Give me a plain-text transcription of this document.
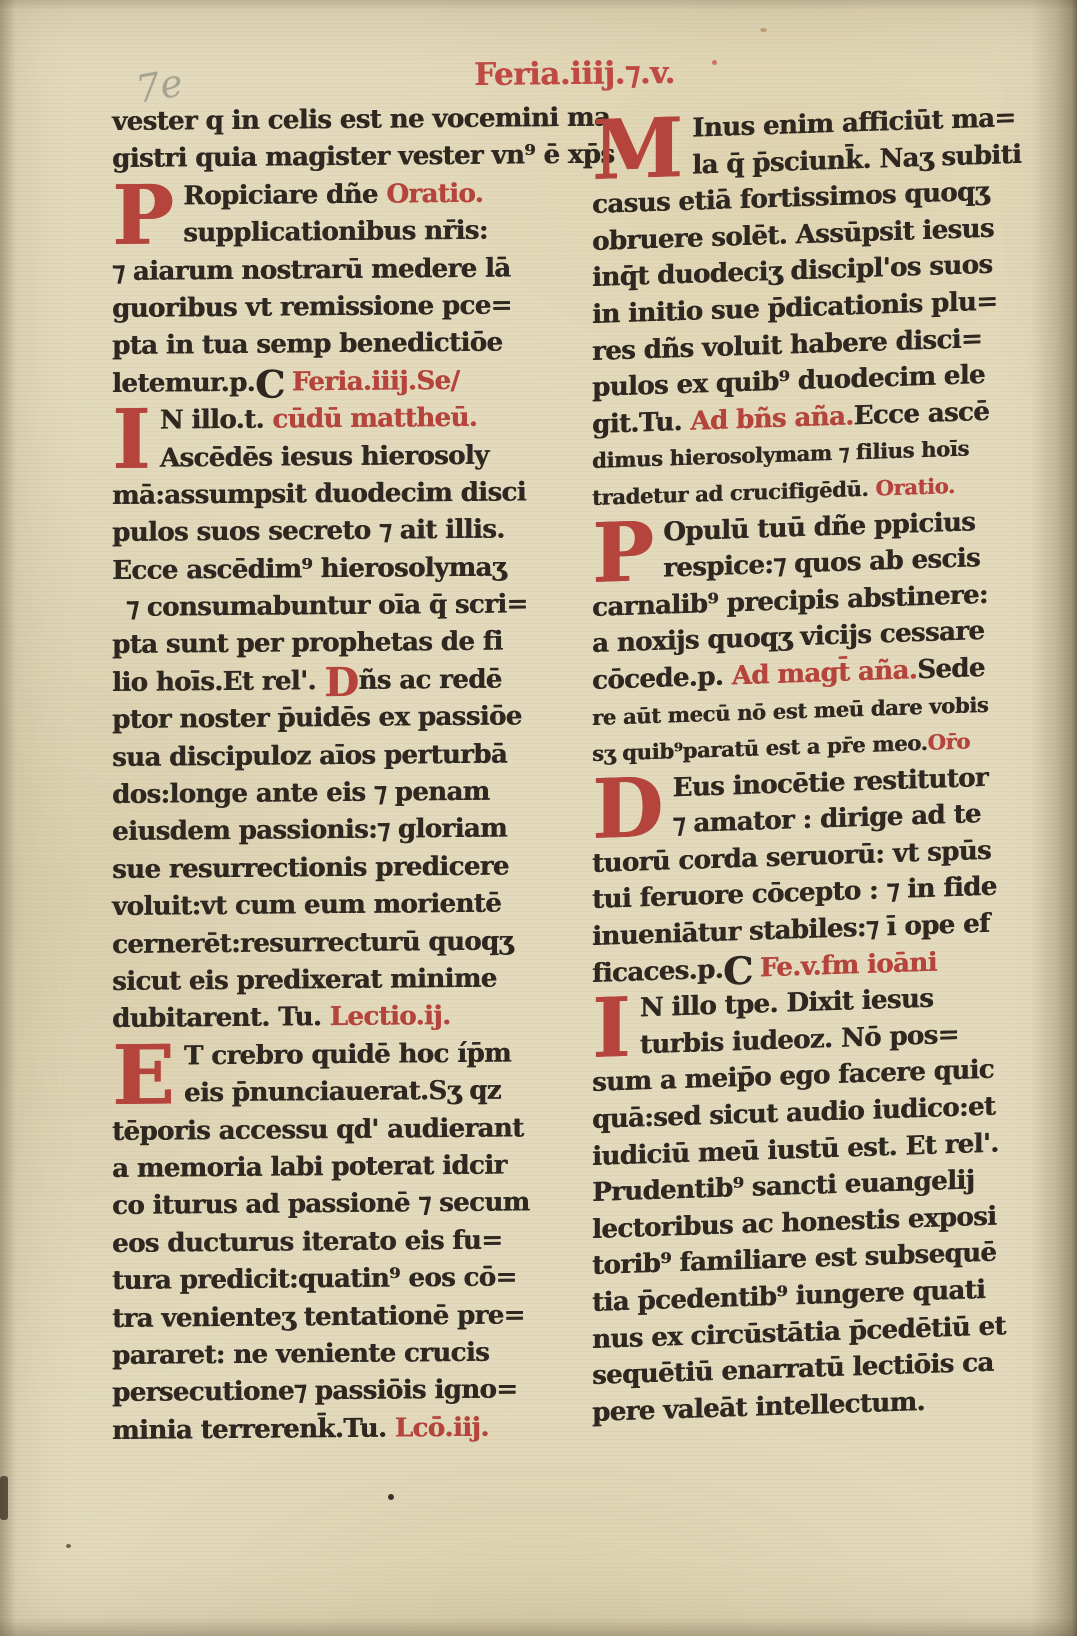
7e	Feria.iiij.⁊.v.
vester q in celis est ne vocemini ma
gistri quia magister vester vn⁹ ē xp̄s
P Ropiciare dñe Oratio.
supplicationibus nr̄is:
⁊ aiarum nostrarū medere lā
guoribus vt remissione pce=
pta in tua semp benedictiōe
letemur.p.C Feria.iiij.Se/
I N illo.t. cūdū mattheū.
Ascēdēs iesus hierosoly
mā:assumpsit duodecim disci
pulos suos secreto ⁊ ait illis.
Ecce ascēdim⁹ hierosolymaʒ
⁊ consumabuntur oīa q̄ scri=
pta sunt per prophetas de fi
lio hoīs.Et rel'. Dñs ac redē
ptor noster p̄uidēs ex passiōe
sua discipuloz aīos perturbā
dos:longe ante eis ⁊ penam
eiusdem passionis:⁊ gloriam
sue resurrectionis predicere
voluit:vt cum eum morientē
cernerēt:resurrecturū quoqʒ
sicut eis predixerat minime
dubitarent. Tu. Lectio.ij.
E T crebro quidē hoc íp̄m
eis p̄nunciauerat.Sʒ qz
tēporis accessu qd' audierant
a memoria labi poterat idcir
co iturus ad passionē ⁊ secum
eos ducturus iterato eis fu=
tura predicit:quatin⁹ eos cō=
tra venienteʒ tentationē pre=
pararet: ne veniente crucis
persecutione⁊ passiōis igno=
minia terrerenk̄.Tu. Lcō.iij.
M Inus enim afficiūt ma=
la q̄ p̄sciunk̄. Naʒ subiti
casus etiā fortissimos quoqʒ
obruere solēt. Assūpsit iesus
inq̄t duodeciʒ discipl'os suos
in initio sue p̄dicationis plu=
res dñs voluit habere disci=
pulos ex quib⁹ duodecim ele
git.Tu. Ad bñs aña.Ecce ascē
dimus hierosolymam ⁊ filius hoīs
tradetur ad crucifigēdū. Oratio.
P Opulū tuū dñe ppicius
respice:⁊ quos ab escis
carnalib⁹ precipis abstinere:
a noxijs quoqʒ vicijs cessare
cōcede.p. Ad magt̄ aña.Sede
re aūt mecū nō est meū dare vobis
sʒ quib⁹paratū est a pr̄e meo.Or̄o
D Eus inocētie restitutor
⁊ amator : dirige ad te
tuorū corda seruorū: vt spūs
tui feruore cōcepto : ⁊ in fide
inueniātur stabiles:⁊ ī ope ef
ficaces.p.C Fe.v.fm ioāni
I N illo tpe. Dixit iesus
turbis iudeoz. Nō pos=
sum a meip̄o ego facere quic
quā:sed sicut audio iudico:et
iudiciū meū iustū est. Et rel'.
Prudentib⁹ sancti euangelij
lectoribus ac honestis exposi
torib⁹ familiare est subsequē
tia p̄cedentib⁹ iungere quati
nus ex circūstātia p̄cedētiū et
sequētiū enarratū lectiōis ca
pere valeāt intellectum.
